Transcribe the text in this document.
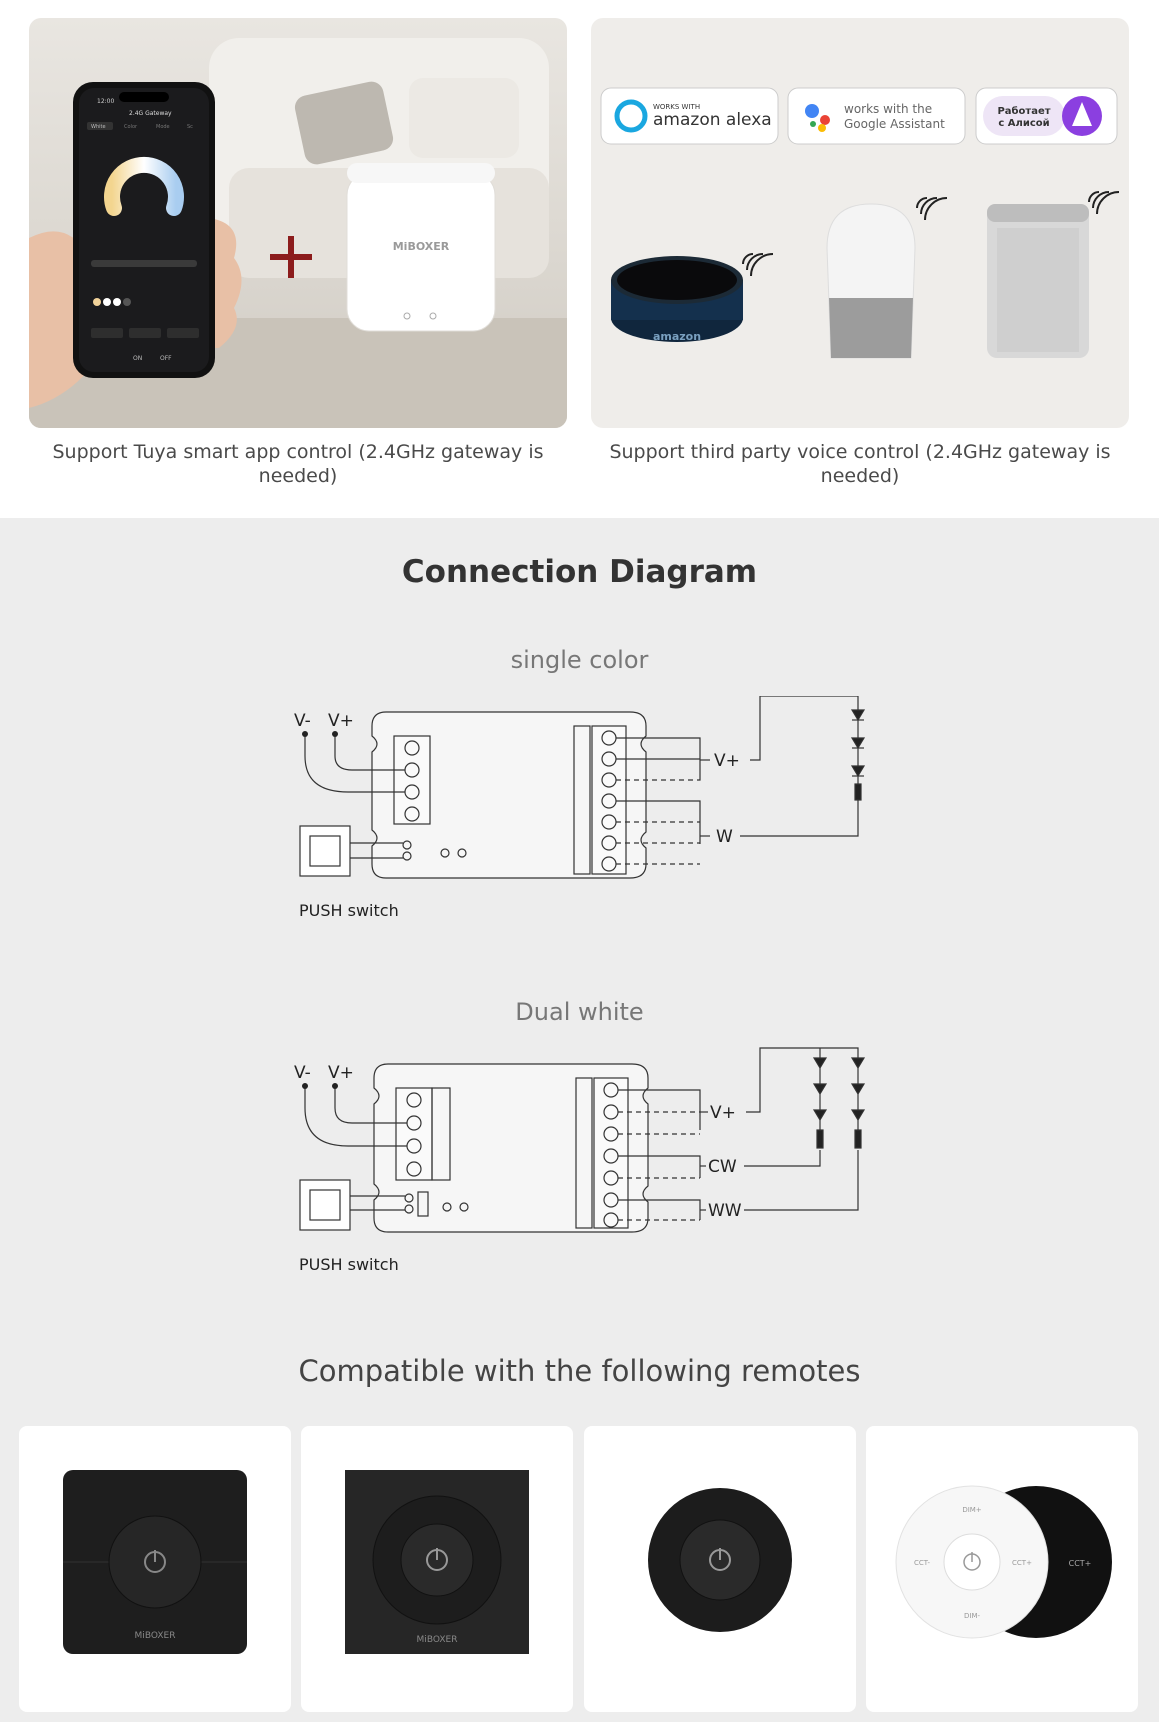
12:00
2.4G Gateway
White	Color	Mode	Sc
ON	OFF
MiBOXER
Support Tuya smart app control (2.4GHz gateway is needed)
WORKS WITH
amazon alexa
works with the
Google Assistant
Работает
с Алисой
amazon
Support third party voice control (2.4GHz gateway is needed)
Connection Diagram
single color
V- V+
V+
W
PUSH switch
Dual white
V- V+
V+
CW
WW
PUSH switch
Compatible with the following remotes
MiBOXER	MiBOXER
CCT+
DIM+
DIM-
CCT-	CCT+
